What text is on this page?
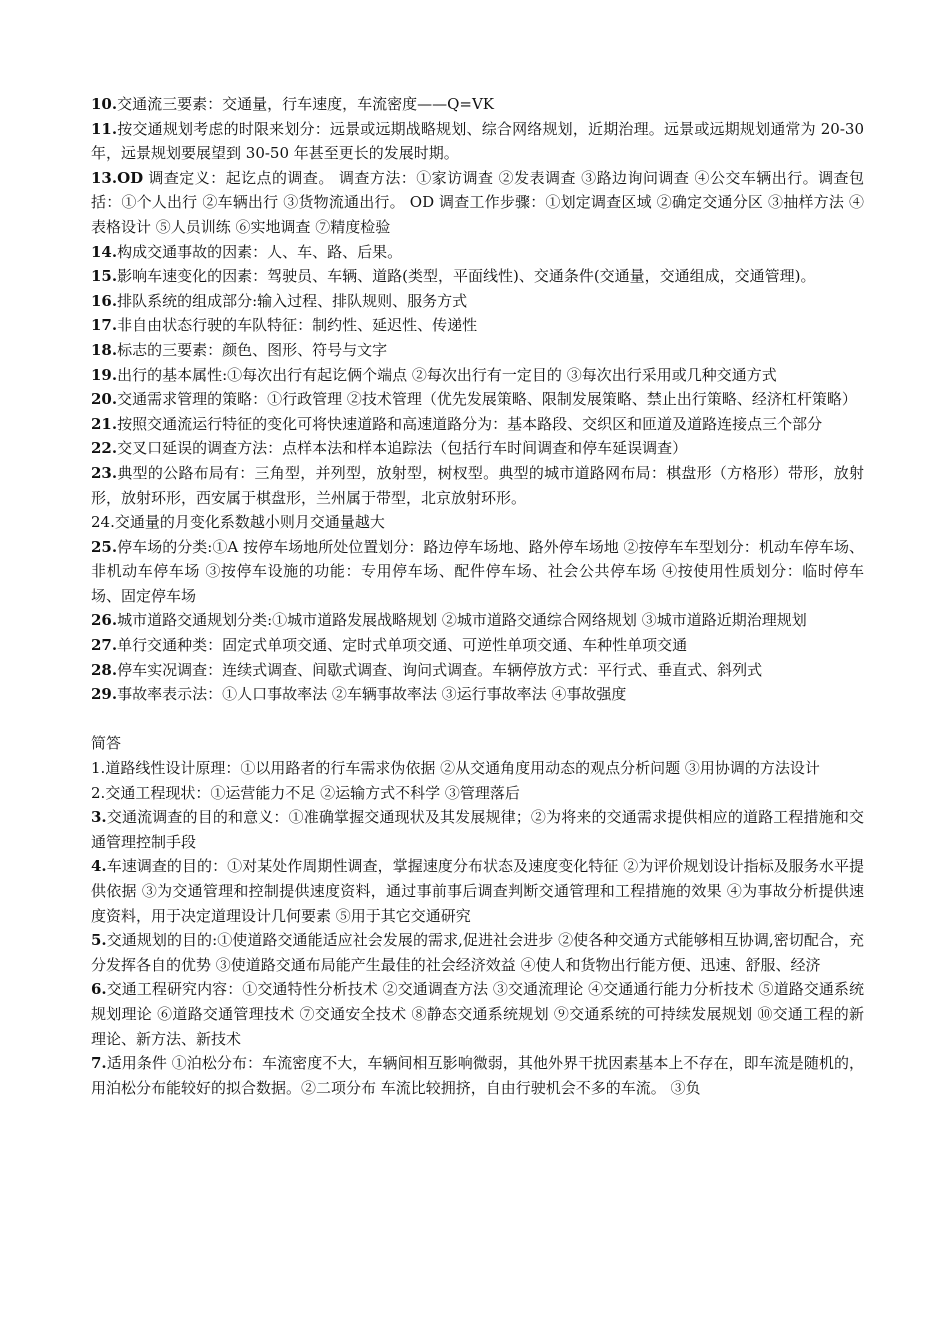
10.交通流三要素：交通量，行车速度，车流密度——Q=VK

11.按交通规划考虑的时限来划分：远景或远期战略规划、综合网络规划，近期治理。远景或远期规划通常为 20-30 年，远景规划要展望到 30-50 年甚至更长的发展时期。

13.OD 调查定义：起讫点的调查。 调查方法：①家访调查 ②发表调查 ③路边询问调查 ④公交车辆出行。调查包括：①个人出行 ②车辆出行 ③货物流通出行。 OD 调查工作步骤：①划定调查区域 ②确定交通分区 ③抽样方法 ④表格设计 ⑤人员训练 ⑥实地调查 ⑦精度检验

14.构成交通事故的因素：人、车、路、后果。

15.影响车速变化的因素：驾驶员、车辆、道路(类型，平面线性)、交通条件(交通量，交通组成，交通管理)。

16.排队系统的组成部分:输入过程、排队规则、服务方式

17.非自由状态行驶的车队特征：制约性、延迟性、传递性

18.标志的三要素：颜色、图形、符号与文字

19.出行的基本属性:①每次出行有起讫俩个端点 ②每次出行有一定目的 ③每次出行采用或几种交通方式

20.交通需求管理的策略：①行政管理 ②技术管理（优先发展策略、限制发展策略、禁止出行策略、经济杠杆策略）

21.按照交通流运行特征的变化可将快速道路和高速道路分为：基本路段、交织区和匝道及道路连接点三个部分

22.交叉口延误的调查方法：点样本法和样本追踪法（包括行车时间调查和停车延误调查）

23.典型的公路布局有：三角型，并列型，放射型，树杈型。典型的城市道路网布局：棋盘形（方格形）带形，放射形，放射环形，西安属于棋盘形，兰州属于带型，北京放射环形。

24.交通量的月变化系数越小则月交通量越大

25.停车场的分类:①A 按停车场地所处位置划分：路边停车场地、路外停车场地 ②按停车车型划分：机动车停车场、非机动车停车场 ③按停车设施的功能：专用停车场、配件停车场、社会公共停车场 ④按使用性质划分：临时停车场、固定停车场

26.城市道路交通规划分类:①城市道路发展战略规划 ②城市道路交通综合网络规划 ③城市道路近期治理规划

27.单行交通种类：固定式单项交通、定时式单项交通、可逆性单项交通、车种性单项交通

28.停车实况调查：连续式调查、间歇式调查、询问式调查。车辆停放方式：平行式、垂直式、斜列式

29.事故率表示法：①人口事故率法 ②车辆事故率法 ③运行事故率法 ④事故强度

简答

1.道路线性设计原理：①以用路者的行车需求伪依据 ②从交通角度用动态的观点分析问题 ③用协调的方法设计

2.交通工程现状：①运营能力不足 ②运输方式不科学 ③管理落后

3.交通流调查的目的和意义：①准确掌握交通现状及其发展规律；②为将来的交通需求提供相应的道路工程措施和交通管理控制手段

4.车速调查的目的：①对某处作周期性调查，掌握速度分布状态及速度变化特征 ②为评价规划设计指标及服务水平提供依据 ③为交通管理和控制提供速度资料，通过事前事后调查判断交通管理和工程措施的效果 ④为事故分析提供速度资料，用于决定道理设计几何要素 ⑤用于其它交通研究

5.交通规划的目的:①使道路交通能适应社会发展的需求,促进社会进步 ②使各种交通方式能够相互协调,密切配合，充分发挥各自的优势 ③使道路交通布局能产生最佳的社会经济效益 ④使人和货物出行能方便、迅速、舒服、经济

6.交通工程研究内容：①交通特性分析技术 ②交通调查方法 ③交通流理论 ④交通通行能力分析技术 ⑤道路交通系统规划理论 ⑥道路交通管理技术 ⑦交通安全技术 ⑧静态交通系统规划 ⑨交通系统的可持续发展规划 ⑩交通工程的新理论、新方法、新技术

7.适用条件 ①泊松分布：车流密度不大，车辆间相互影响微弱，其他外界干扰因素基本上不存在，即车流是随机的，用泊松分布能较好的拟合数据。②二项分布 车流比较拥挤，自由行驶机会不多的车流。 ③负
